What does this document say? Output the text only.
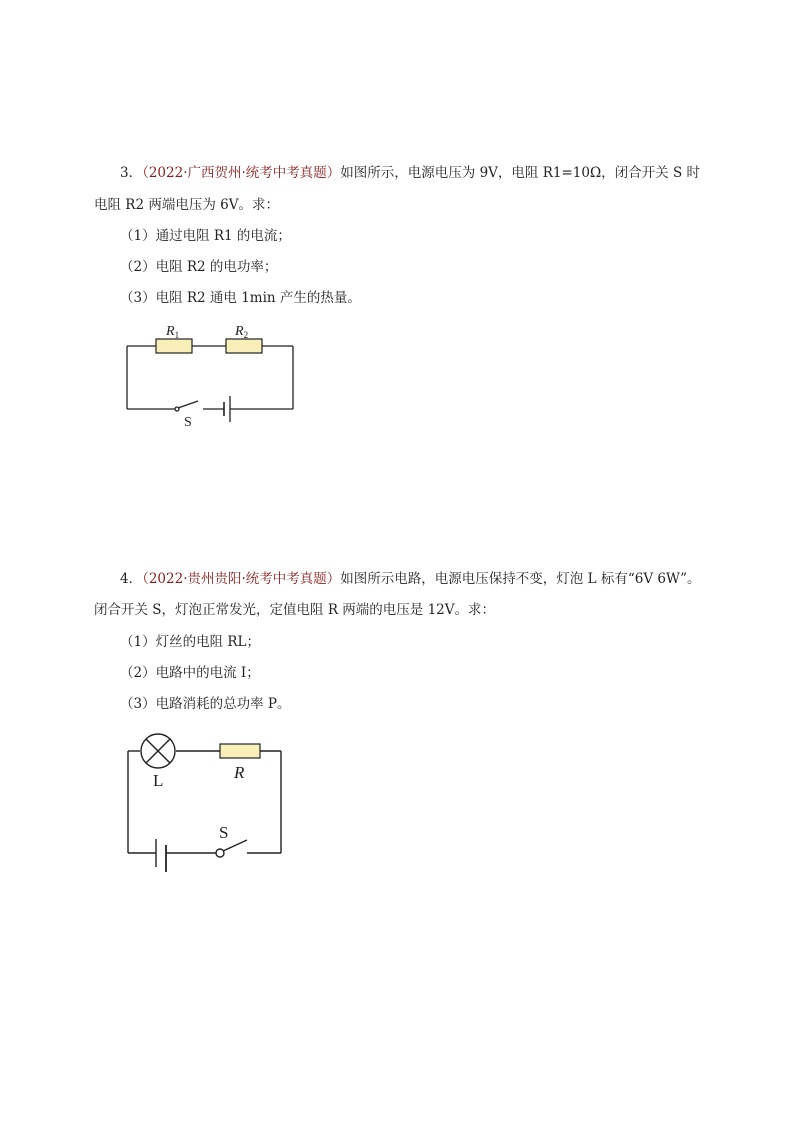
3．（2022·广西贺州·统考中考真题）如图所示，电源电压为 9V，电阻 R1=10Ω，闭合开关 S 时
电阻 R2 两端电压为 6V。求：
（1）通过电阻 R1 的电流；
（2）电阻 R2 的电功率；
（3）电阻 R2 通电 1min 产生的热量。
$R_1$	$R_2$
S
4．（2022·贵州贵阳·统考中考真题）如图所示电路，电源电压保持不变，灯泡 L 标有“6V 6W”。
闭合开关 S，灯泡正常发光，定值电阻 R 两端的电压是 12V。求：
（1）灯丝的电阻 RL；
（2）电路中的电流 I；
（3）电路消耗的总功率 P。
L	R
S
